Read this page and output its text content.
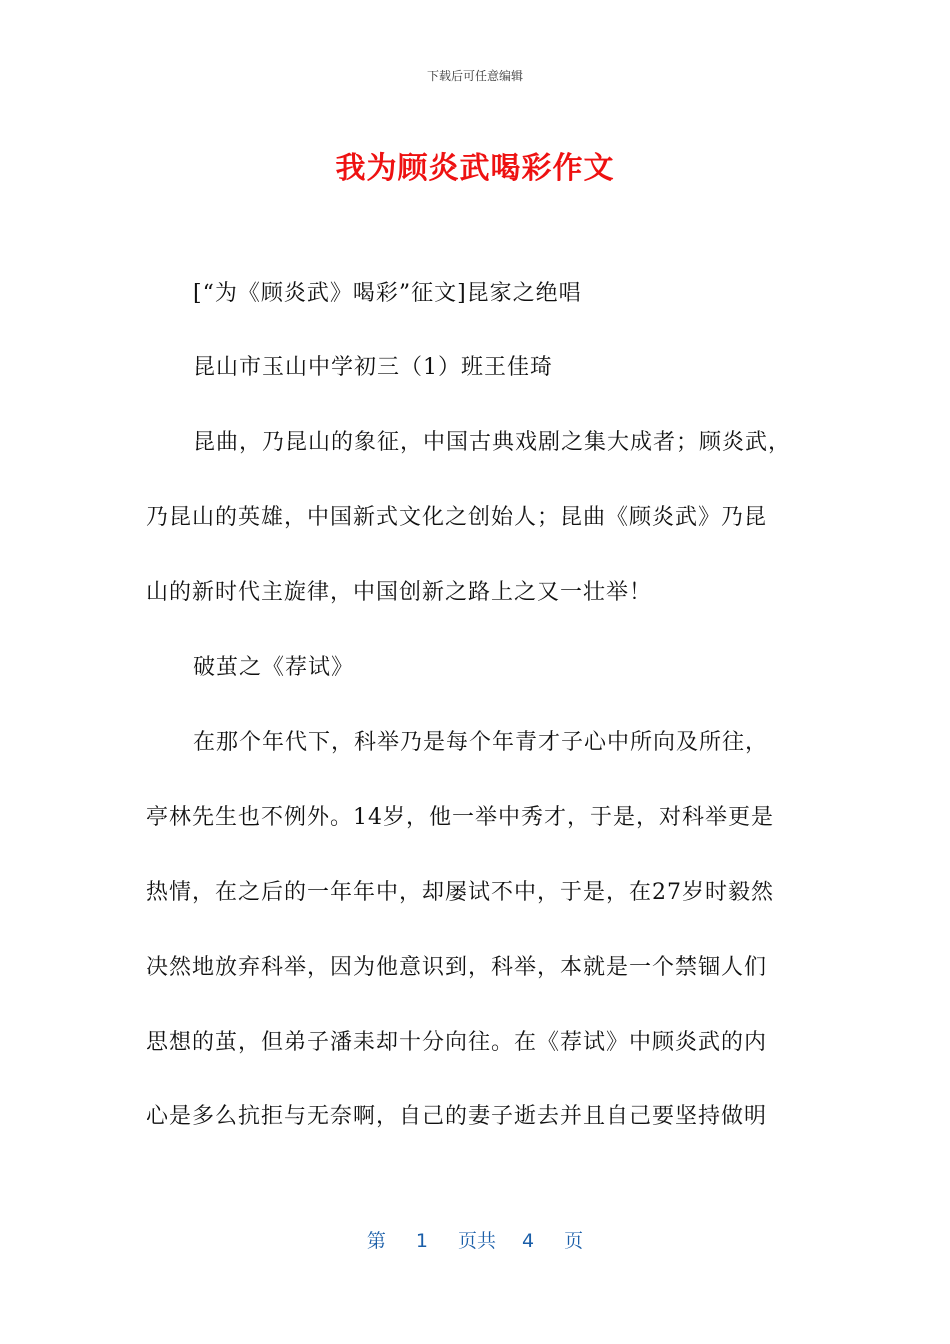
下载后可任意编辑
我为顾炎武喝彩作文
[“为《顾炎武》喝彩”征文]昆家之绝唱
昆山市玉山中学初三（1）班王佳琦
昆曲，乃昆山的象征，中国古典戏剧之集大成者；顾炎武，
乃昆山的英雄，中国新式文化之创始人；昆曲《顾炎武》乃昆
山的新时代主旋律，中国创新之路上之又一壮举！
破茧之《荐试》
在那个年代下，科举乃是每个年青才子心中所向及所往，
亭林先生也不例外。14岁，他一举中秀才，于是，对科举更是
热情，在之后的一年年中，却屡试不中，于是，在27岁时毅然
决然地放弃科举，因为他意识到，科举，本就是一个禁锢人们
思想的茧，但弟子潘耒却十分向往。在《荐试》中顾炎武的内
心是多么抗拒与无奈啊，自己的妻子逝去并且自己要坚持做明
第 1 页共 4 页
